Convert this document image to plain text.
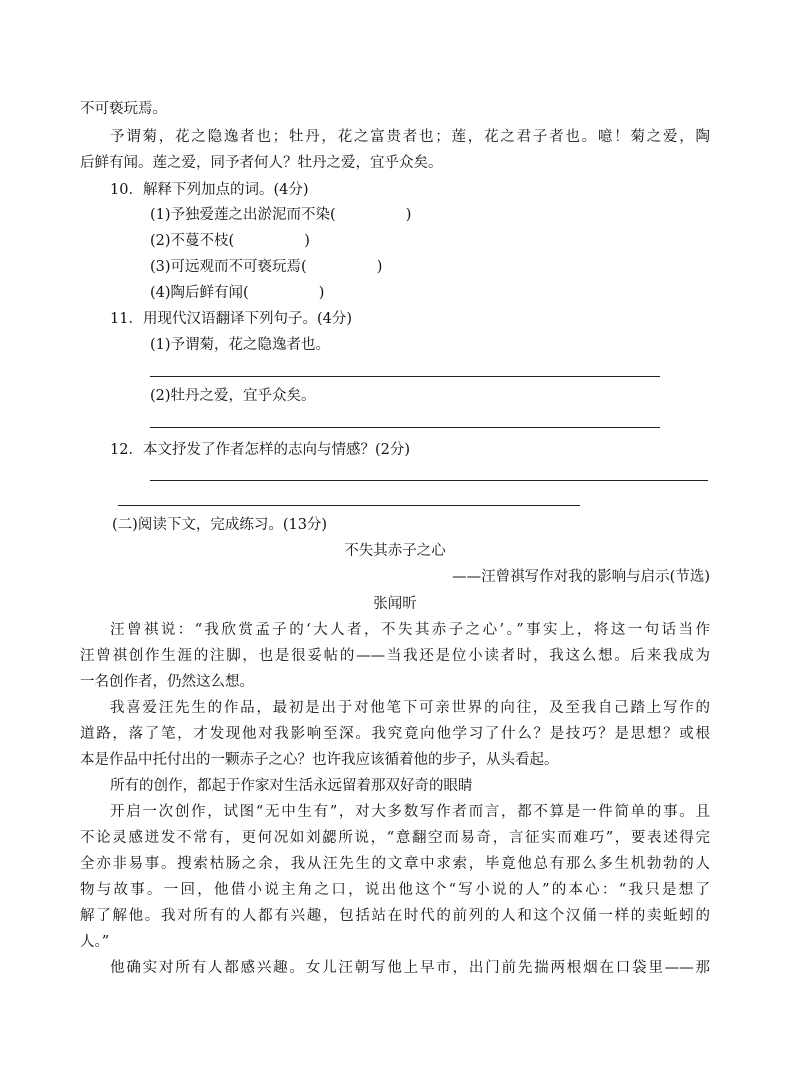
不可亵玩焉。
予谓菊，花之隐逸者也；牡丹，花之富贵者也；莲，花之君子者也。噫！菊之爱，陶
后鲜有闻。莲之爱，同予者何人？牡丹之爱，宜乎众矣。
10．解释下列加点的词。(4分)
(1)予独爱莲之出淤泥而不染(	)
(2)不蔓不枝(	)
(3)可远观而不可亵玩焉(	)
(4)陶后鲜有闻(	)
11．用现代汉语翻译下列句子。(4分)
(1)予谓菊，花之隐逸者也。
(2)牡丹之爱，宜乎众矣。
12．本文抒发了作者怎样的志向与情感？(2分)
(二)阅读下文，完成练习。(13分)
不失其赤子之心
——汪曾祺写作对我的影响与启示(节选)
张闻昕
汪曾祺说：“我欣赏孟子的‘大人者，不失其赤子之心’。”事实上，将这一句话当作
汪曾祺创作生涯的注脚，也是很妥帖的——当我还是位小读者时，我这么想。后来我成为
一名创作者，仍然这么想。
我喜爱汪先生的作品，最初是出于对他笔下可亲世界的向往，及至我自己踏上写作的
道路，落了笔，才发现他对我影响至深。我究竟向他学习了什么？是技巧？是思想？或根
本是作品中托付出的一颗赤子之心？也许我应该循着他的步子，从头看起。
所有的创作，都起于作家对生活永远留着那双好奇的眼睛
开启一次创作，试图“无中生有”，对大多数写作者而言，都不算是一件简单的事。且
不论灵感迸发不常有，更何况如刘勰所说，“意翻空而易奇，言征实而难巧”，要表述得完
全亦非易事。搜索枯肠之余，我从汪先生的文章中求索，毕竟他总有那么多生机勃勃的人
物与故事。一回，他借小说主角之口，说出他这个“写小说的人”的本心：“我只是想了
解了解他。我对所有的人都有兴趣，包括站在时代的前列的人和这个汉俑一样的卖蚯蚓的
人。”
他确实对所有人都感兴趣。女儿汪朝写他上早市，出门前先揣两根烟在口袋里——那
